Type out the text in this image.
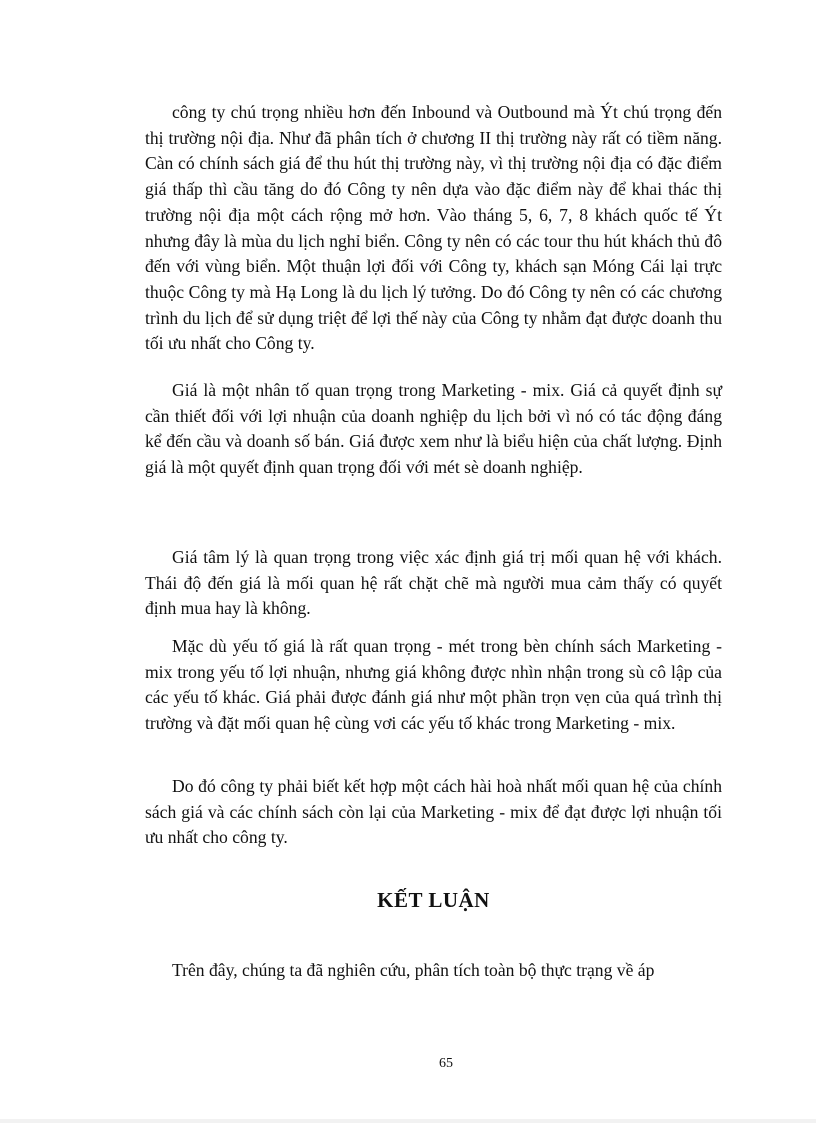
công ty chú trọng nhiều hơn đến Inbound và Outbound mà Ýt chú trọng đến thị trường nội địa. Như đã phân tích ở chương II thị trường này rất có tiềm năng. Càn có chính sách giá để thu hút thị trường này, vì thị trường nội địa có đặc điểm giá thấp thì cầu tăng do đó Công ty nên dựa vào đặc điểm này để khai thác thị trường nội địa một cách rộng mở hơn. Vào tháng 5, 6, 7, 8 khách quốc tế Ýt nhưng đây là mùa du lịch nghỉ biển. Công ty nên có các tour thu hút khách thủ đô đến với vùng biển. Một thuận lợi đối với Công ty, khách sạn Móng Cái lại trực thuộc Công ty mà Hạ Long là du lịch lý tưởng. Do đó Công ty nên có các chương trình du lịch để sử dụng triệt để lợi thế này của Công ty nhằm đạt được doanh thu tối ưu nhất cho Công ty.

Giá là một nhân tố quan trọng trong Marketing - mix. Giá cả quyết định sự cần thiết đối với lợi nhuận của doanh nghiệp du lịch bởi vì nó có tác động đáng kể đến cầu và doanh số bán. Giá được xem như là biểu hiện của chất lượng. Định giá là một quyết định quan trọng đối với mét sè doanh nghiệp.

Giá tâm lý là quan trọng trong việc xác định giá trị mối quan hệ với khách. Thái độ đến giá là mối quan hệ rất chặt chẽ mà người mua cảm thấy có quyết định mua hay là không.

Mặc dù yếu tố giá là rất quan trọng - mét trong bèn chính sách Marketing - mix trong yếu tố lợi nhuận, nhưng giá không được nhìn nhận trong sù cô lập của các yếu tố khác. Giá phải được đánh giá như một phần trọn vẹn của quá trình thị trường và đặt mối quan hệ cùng vơi các yếu tố khác trong Marketing - mix.

Do đó công ty phải biết kết hợp một cách hài hoà nhất mối quan hệ của chính sách giá và các chính sách còn lại của Marketing - mix để đạt được lợi nhuận tối ưu nhất cho công ty.

KẾT LUẬN

Trên đây, chúng ta đã nghiên cứu, phân tích toàn bộ thực trạng về áp

65
